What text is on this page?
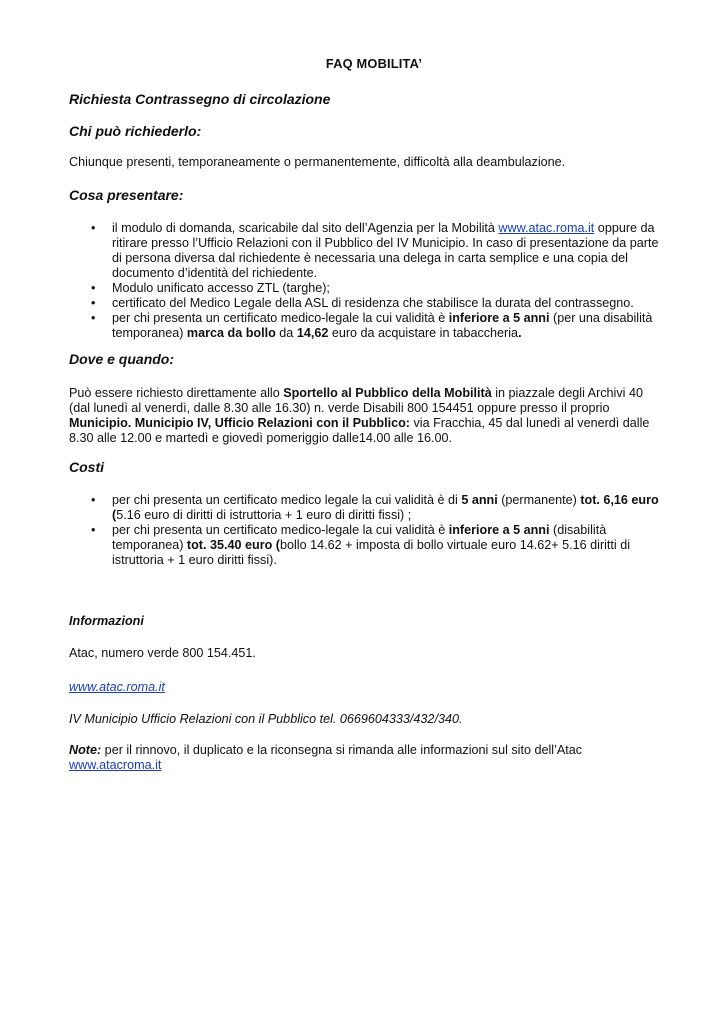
FAQ MOBILITA’
Richiesta Contrassegno di circolazione
Chi può richiederlo:
Chiunque presenti, temporaneamente o permanentemente, difficoltà alla deambulazione.
Cosa presentare:
• il modulo di domanda, scaricabile dal sito dell’Agenzia per la Mobilità www.atac.roma.it oppure da ritirare presso l’Ufficio Relazioni con il Pubblico del IV Municipio. In caso di presentazione da parte di persona diversa dal richiedente è necessaria una delega in carta semplice e una copia del documento d’identità del richiedente.
• Modulo unificato accesso ZTL (targhe);
• certificato del Medico Legale della ASL di residenza che stabilisce la durata del contrassegno.
• per chi presenta un certificato medico-legale la cui validità è inferiore a 5 anni (per una disabilità temporanea) marca da bollo da 14,62 euro da acquistare in tabaccheria.
Dove e quando:
Può essere richiesto direttamente allo Sportello al Pubblico della Mobilità in piazzale degli Archivi 40 (dal lunedì al venerdì, dalle 8.30 alle 16.30) n. verde Disabili 800 154451 oppure presso il proprio Municipio. Municipio IV, Ufficio Relazioni con il Pubblico: via Fracchia, 45 dal lunedì al venerdì dalle 8.30 alle 12.00 e martedì e giovedì pomeriggio dalle14.00 alle 16.00.
Costi
• per chi presenta un certificato medico legale la cui validità è di 5 anni (permanente) tot. 6,16 euro (5.16 euro di diritti di istruttoria + 1 euro di diritti fissi) ;
• per chi presenta un certificato medico-legale la cui validità è inferiore a 5 anni (disabilità temporanea) tot. 35.40 euro (bollo 14.62 + imposta di bollo virtuale euro 14.62+ 5.16 diritti di istruttoria + 1 euro diritti fissi).
Informazioni
Atac, numero verde 800 154.451.
www.atac.roma.it
IV Municipio Ufficio Relazioni con il Pubblico tel. 0669604333/432/340.
Note: per il rinnovo, il duplicato e la riconsegna si rimanda alle informazioni sul sito dell’Atac
www.atacroma.it
